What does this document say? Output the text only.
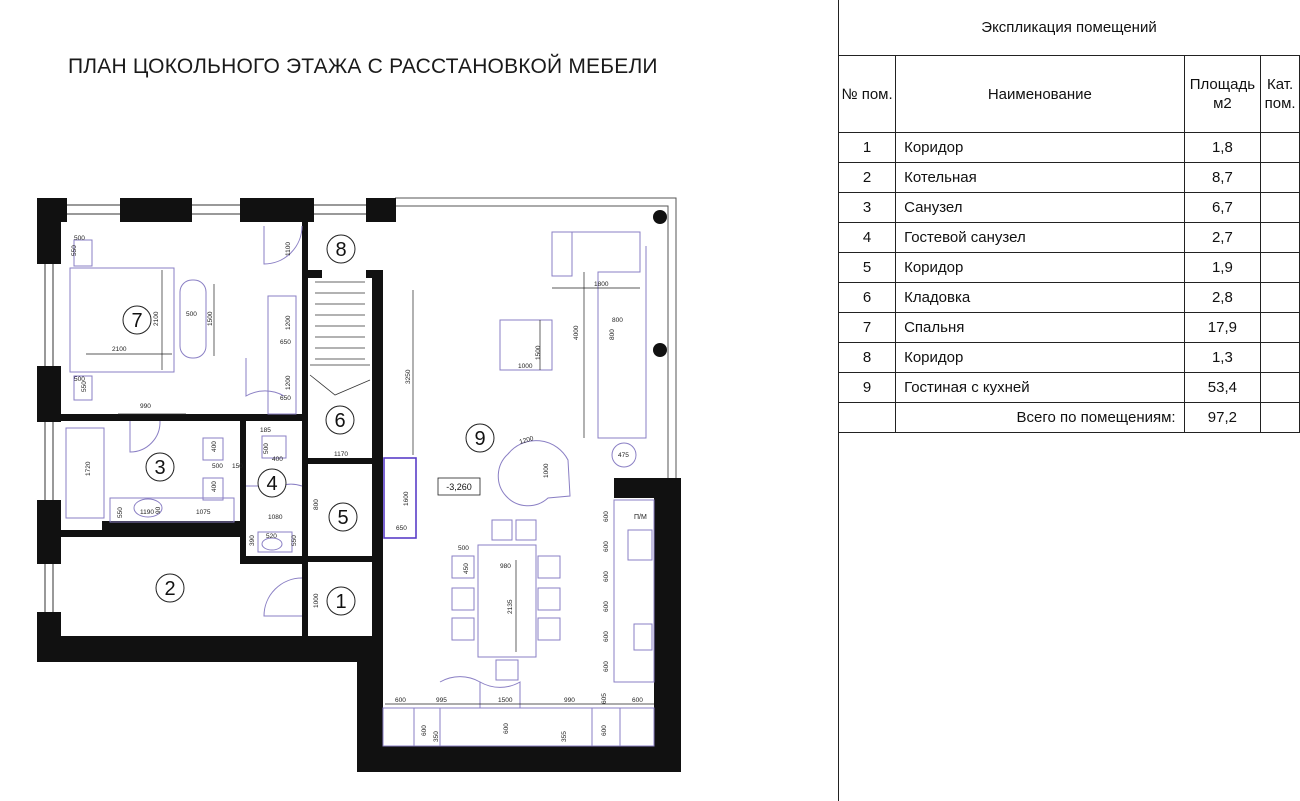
ПЛАН ЦОКОЛЬНОГО ЭТАЖА С РАССТАНОВКОЙ МЕБЕЛИ
500
550
2100
2100	500 1500
1100
1200
650
1200
650
500
550
990
3250
1800
4000
800
800
1000
1500
1200
1000
475
1720
400
400
500 150
185
400
500
1170
800	1600
650
550 1190 90	1075
1080
390 520 550
1000
500
450	980
2135
600
600
600
600
600
600
600	995	1500	990	605	600
600
350
600
355
600
П/М
-3,260
1
2
3
4
5
6
7
8
9
Экспликация помещений
№ пом.	Наименование	Площадь м2	Кат. пом.
1	Коридор	1,8	
2	Котельная	8,7	
3	Санузел	6,7	
4	Гостевой санузел	2,7	
5	Коридор	1,9	
6	Кладовка	2,8	
7	Спальня	17,9	
8	Коридор	1,3	
9	Гостиная с кухней	53,4	
	Всего по помещениям:	97,2	
